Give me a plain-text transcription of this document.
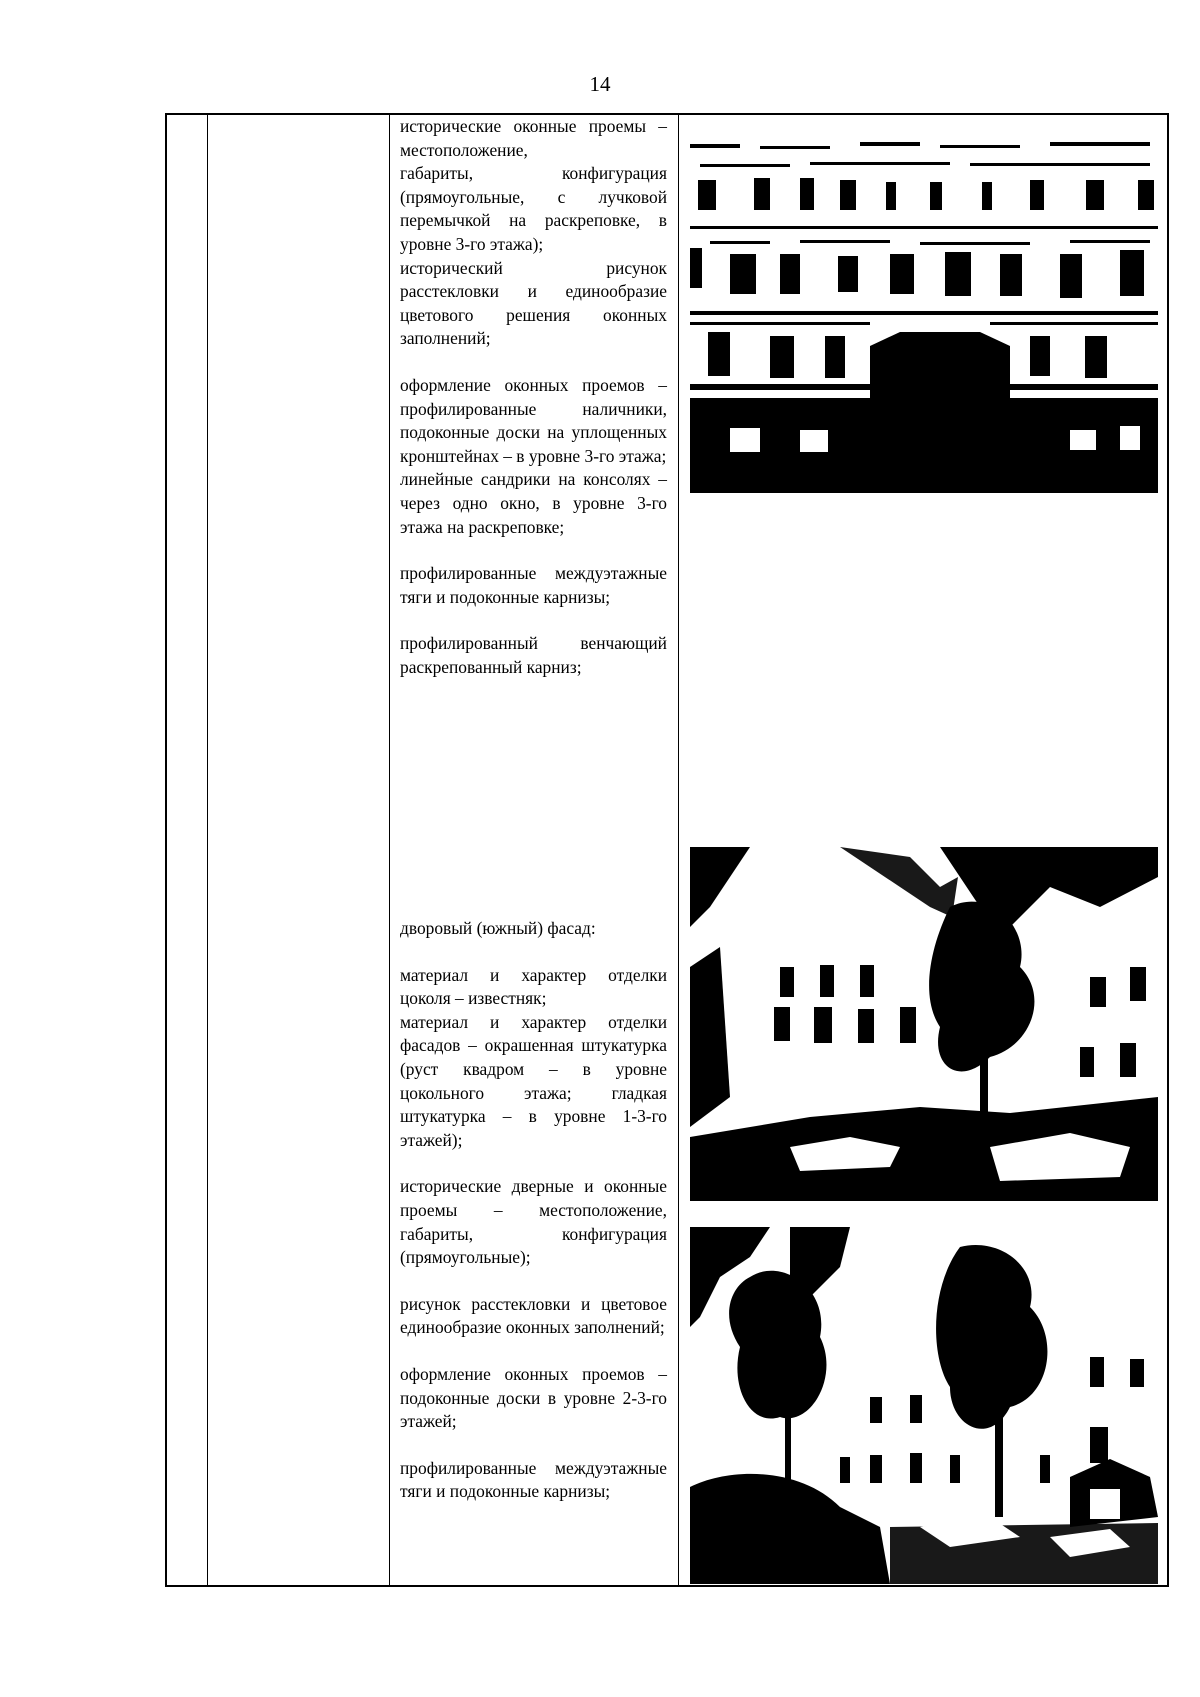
14

исторические оконные проемы – местоположение,

габариты, конфигурация (прямоугольные, с лучковой перемычкой на раскреповке, в уровне 3-го этажа);

исторический рисунок расстекловки и единообразие цветового решения оконных заполнений;

оформление оконных проемов – профилированные наличники, подоконные доски на уплощенных кронштейнах – в уровне 3-го этажа;

линейные сандрики на консолях – через одно окно, в уровне 3-го этажа на раскреповке;

профилированные междуэтажные тяги и подоконные карнизы;

профилированный венчающий раскрепованный карниз;

дворовый (южный) фасад:

материал и характер отделки цоколя – известняк;

материал и характер отделки фасадов – окрашенная штукатурка (руст квадром – в уровне цокольного этажа; гладкая штукатурка – в уровне 1-3-го этажей);

исторические дверные и оконные проемы – местоположение, габариты, конфигурация (прямоугольные);

рисунок расстекловки и цветовое единообразие оконных заполнений;

оформление оконных проемов – подоконные доски в уровне 2-3-го этажей;

профилированные междуэтажные тяги и подоконные карнизы;
